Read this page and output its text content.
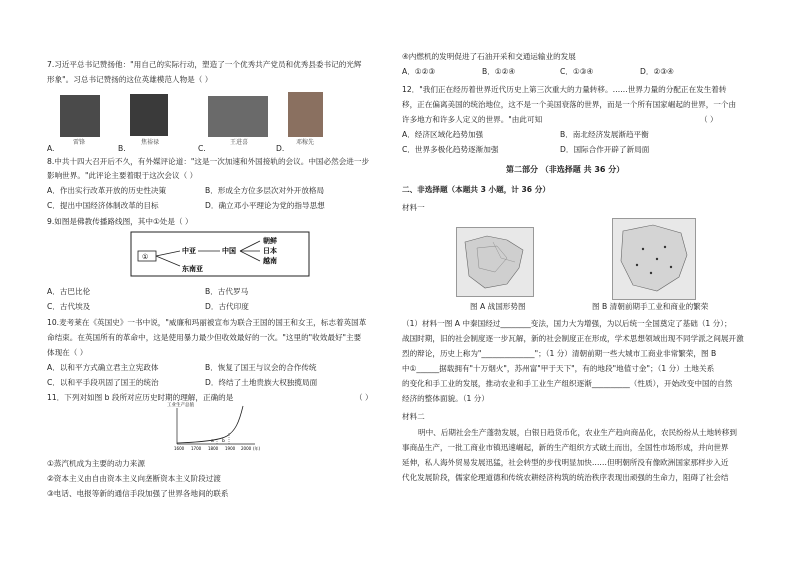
7.习近平总书记赞扬他："用自己的实际行动，塑造了一个优秀共产党员和优秀县委书记的光辉
形象"。习总书记赞扬的这位英雄模范人物是（ ）
雷锋	焦裕禄	王进喜	邓稼先
A.	B.	C.	D.
8.中共十四大召开后不久，有外媒评论道："这是一次加速和外国接轨的会议。中国必然会进一步
影响世界。"此评论主要着眼于这次会议（ ）
A．作出实行改革开放的历史性决策	B．形成全方位多层次对外开放格局
C．提出中国经济体制改革的目标	D．确立邓小平理论为党的指导思想
9.如图是佛教传播路线图，其中①处是（ ）
①
中亚	中国
东南亚
朝鲜
日本
越南
A．古巴比伦	B．古代罗马
C．古代埃及	D．古代印度
10.麦考莱在《英国史》一书中说，"威廉和玛丽被宣布为联合王国的国王和女王，标志着英国革
命结束。在英国所有的革命中，这是使用暴力最少但收效最好的一次。"这里的"收效最好"主要
体现在（ ）
A．以和平方式确立君主立宪政体	B．恢复了国王与议会的合作传统
C．以和平手段巩固了国王的统治	D．终结了土地贵族大权独揽局面
11．下列对如图 b 段所对应历史时期的理解，正确的是	（ ）
工业生产总值
a b
1600 1700 1800 1900 2000 (年)
①蒸汽机成为主要的动力来源
②资本主义由自由资本主义向垄断资本主义阶段过渡
③电话、电报等新的通信手段加强了世界各地间的联系
④内燃机的发明促进了石油开采和交通运输业的发展
A．①②③	B．①②④	C．①③④	D．②③④
12．"我们正在经历着世界近代历史上第三次重大的力量转移。……世界力量的分配正在发生着转
移，正在偏离美国的统治地位，这不是一个美国衰落的世界，而是一个所有国家崛起的世界，一个由
许多地方和许多人定义的世界。"由此可知	（ ）
A．经济区域化趋势加强	B．南北经济发展渐趋平衡
C．世界多极化趋势逐渐加强	D．国际合作开辟了新局面
第二部分 （非选择题 共 36 分）
二、非选择题（本题共 3 小题，计 36 分）
材料一
图 A 战国形势图	图 B 清朝前期手工业和商业的繁荣
（1）材料一图 A 中秦国经过________变法，国力大为增强，为以后统一全国奠定了基础（1 分）；
战国时期，旧的社会制度逐一步瓦解，新的社会制度正在形成，学术思想领域出现不同学派之间展开激
烈的辩论，历史上称为"______________"；（1 分）清朝前期一些大城市工商业非常繁荣，图 B
中①______据载拥有"十万烟火"，苏州富"甲于天下"，有的地段"地值寸金"；（1 分）土地关系
的变化和手工业的发展，推动农业和手工业生产组织逐渐__________（性质），开始改变中国的自然
经济的整体面貌。（1 分）
材料二
明中、后期社会生产蓬勃发展，白银日趋货币化，农业生产趋向商品化，农民纷纷从土地转移到
事商品生产，一批工商业市镇迅速崛起，新的生产组织方式破土而出，全国性市场形成，并向世界
延伸，私人海外贸易发展迅猛，社会转型的步伐明显加快……但明朝所没有像欧洲国家那样步入近
代化发展阶段，儒家伦理道德和传统农耕经济构筑的统治秩序表现出顽强的生命力，阻碍了社会结
